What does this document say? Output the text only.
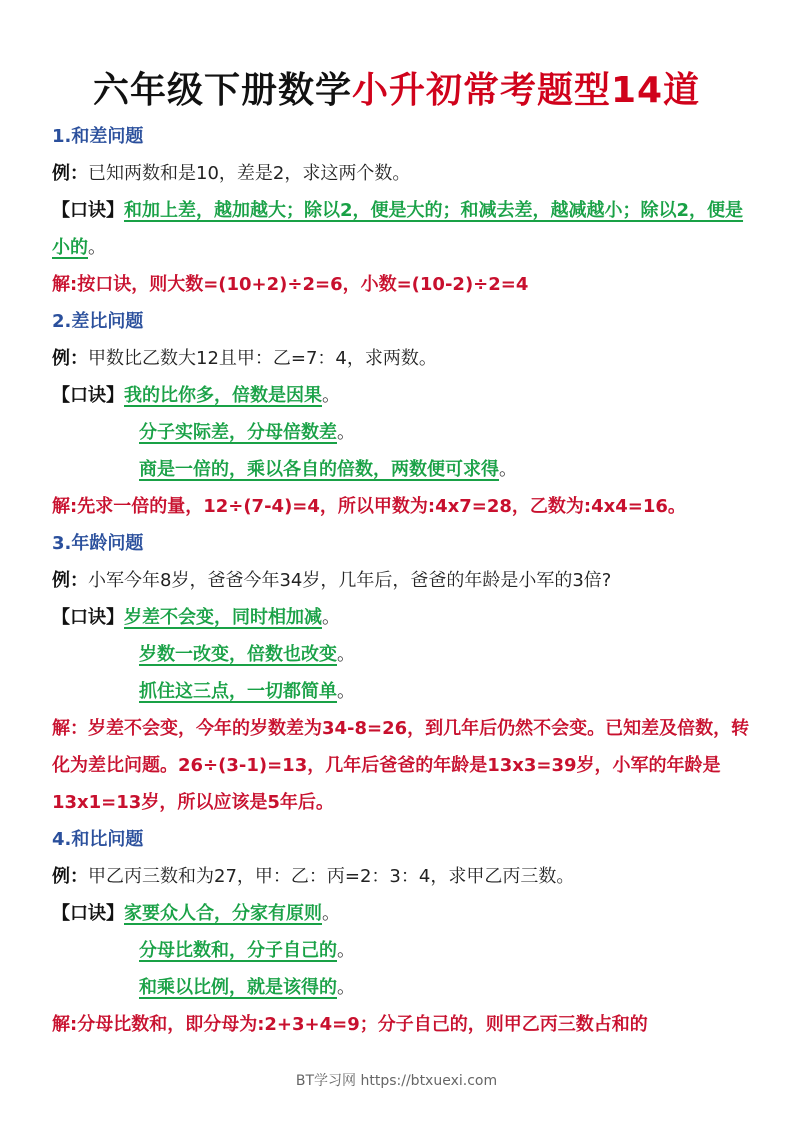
六年级下册数学小升初常考题型14道
1.和差问题
例：已知两数和是10，差是2，求这两个数。
【口诀】和加上差，越加越大；除以2，便是大的；和减去差，越减越小；除以2，便是小的。
解:按口诀，则大数=(10+2)÷2=6，小数=(10-2)÷2=4
2.差比问题
例：甲数比乙数大12且甲：乙=7：4，求两数。
【口诀】我的比你多，倍数是因果。
分子实际差，分母倍数差。
商是一倍的，乘以各自的倍数，两数便可求得。
解:先求一倍的量，12÷(7-4)=4，所以甲数为:4x7=28，乙数为:4x4=16。
3.年龄问题
例：小军今年8岁，爸爸今年34岁，几年后，爸爸的年龄是小军的3倍?
【口诀】岁差不会变，同时相加减。
岁数一改变，倍数也改变。
抓住这三点，一切都简单。
解：岁差不会变，今年的岁数差为34-8=26，到几年后仍然不会变。已知差及倍数，转化为差比问题。26÷(3-1)=13，几年后爸爸的年龄是13x3=39岁，小军的年龄是13x1=13岁，所以应该是5年后。
4.和比问题
例：甲乙丙三数和为27，甲：乙：丙=2：3：4，求甲乙丙三数。
【口诀】家要众人合，分家有原则。
分母比数和，分子自己的。
和乘以比例，就是该得的。
解:分母比数和，即分母为:2+3+4=9；分子自己的，则甲乙丙三数占和的
BT学习网 https://btxuexi.com
